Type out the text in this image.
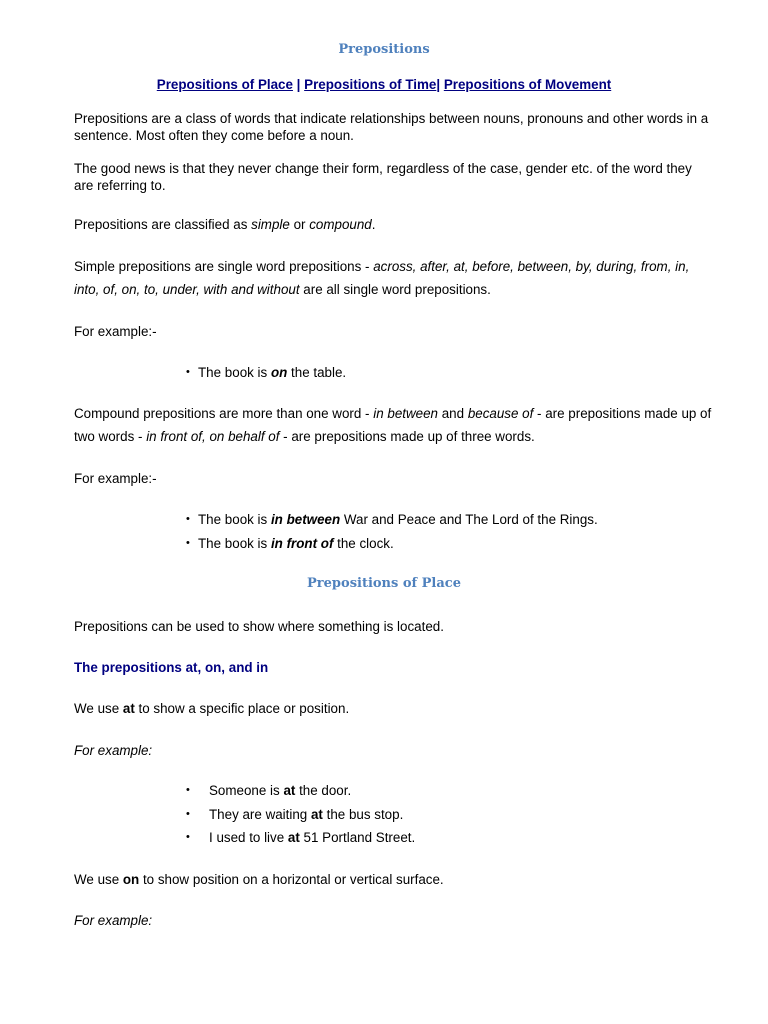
Prepositions

Prepositions of Place | Prepositions of Time| Prepositions of Movement

Prepositions are a class of words that indicate relationships between nouns, pronouns and other words in a sentence. Most often they come before a noun.

The good news is that they never change their form, regardless of the case, gender etc. of the word they are referring to.

Prepositions are classified as simple or compound.

Simple prepositions are single word prepositions - across, after, at, before, between, by, during, from, in, into, of, on, to, under, with and without are all single word prepositions.

For example:-

• The book is on the table.

Compound prepositions are more than one word - in between and because of - are prepositions made up of two words - in front of, on behalf of - are prepositions made up of three words.

For example:-

• The book is in between War and Peace and The Lord of the Rings.
• The book is in front of the clock.

Prepositions of Place

Prepositions can be used to show where something is located.

The prepositions at, on, and in

We use at to show a specific place or position.

For example:

• Someone is at the door.
• They are waiting at the bus stop.
• I used to live at 51 Portland Street.

We use on to show position on a horizontal or vertical surface.

For example:
